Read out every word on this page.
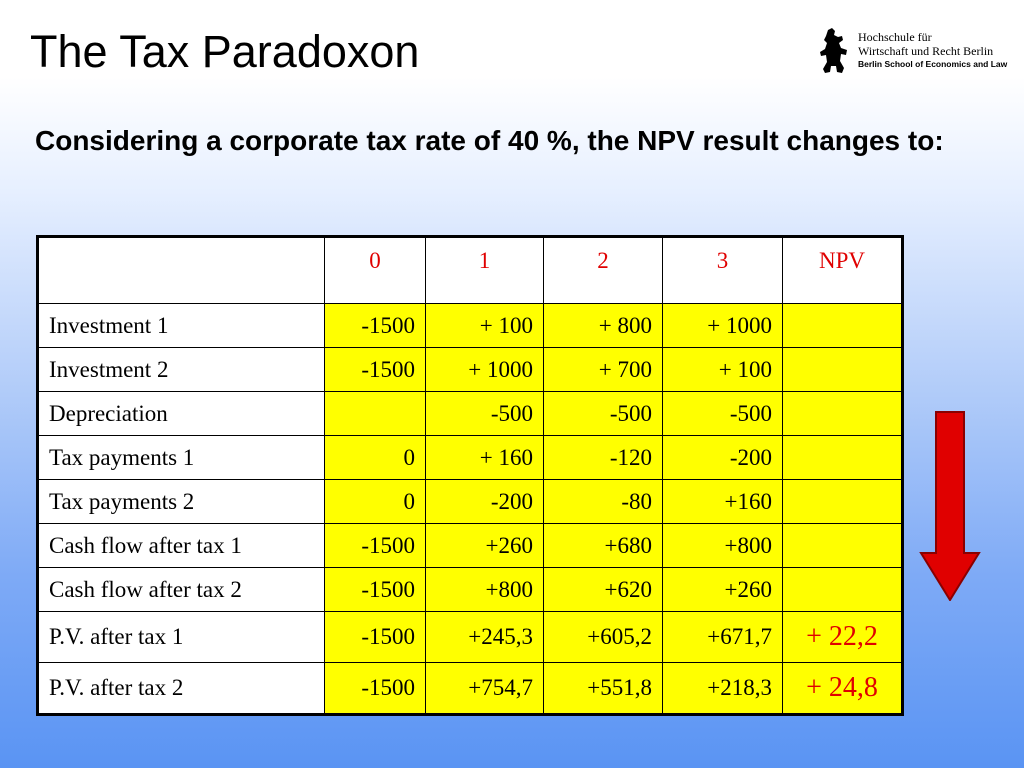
The Tax Paradoxon	Hochschule für
Wirtschaft und Recht Berlin
Berlin School of Economics and Law
Considering a corporate tax rate of 40 %, the NPV result changes to:
	0	1	2	3	NPV
Investment 1	-1500	+ 100	+ 800	+ 1000	
Investment 2	-1500	+ 1000	+ 700	+ 100	
Depreciation		-500	-500	-500	
Tax payments 1	0	+ 160	-120	-200	
Tax payments 2	0	-200	-80	+160	
Cash flow after tax 1	-1500	+260	+680	+800	
Cash flow after tax 2	-1500	+800	+620	+260	
P.V. after tax 1	-1500	+245,3	+605,2	+671,7	+ 22,2
P.V. after tax 2	-1500	+754,7	+551,8	+218,3	+ 24,8
